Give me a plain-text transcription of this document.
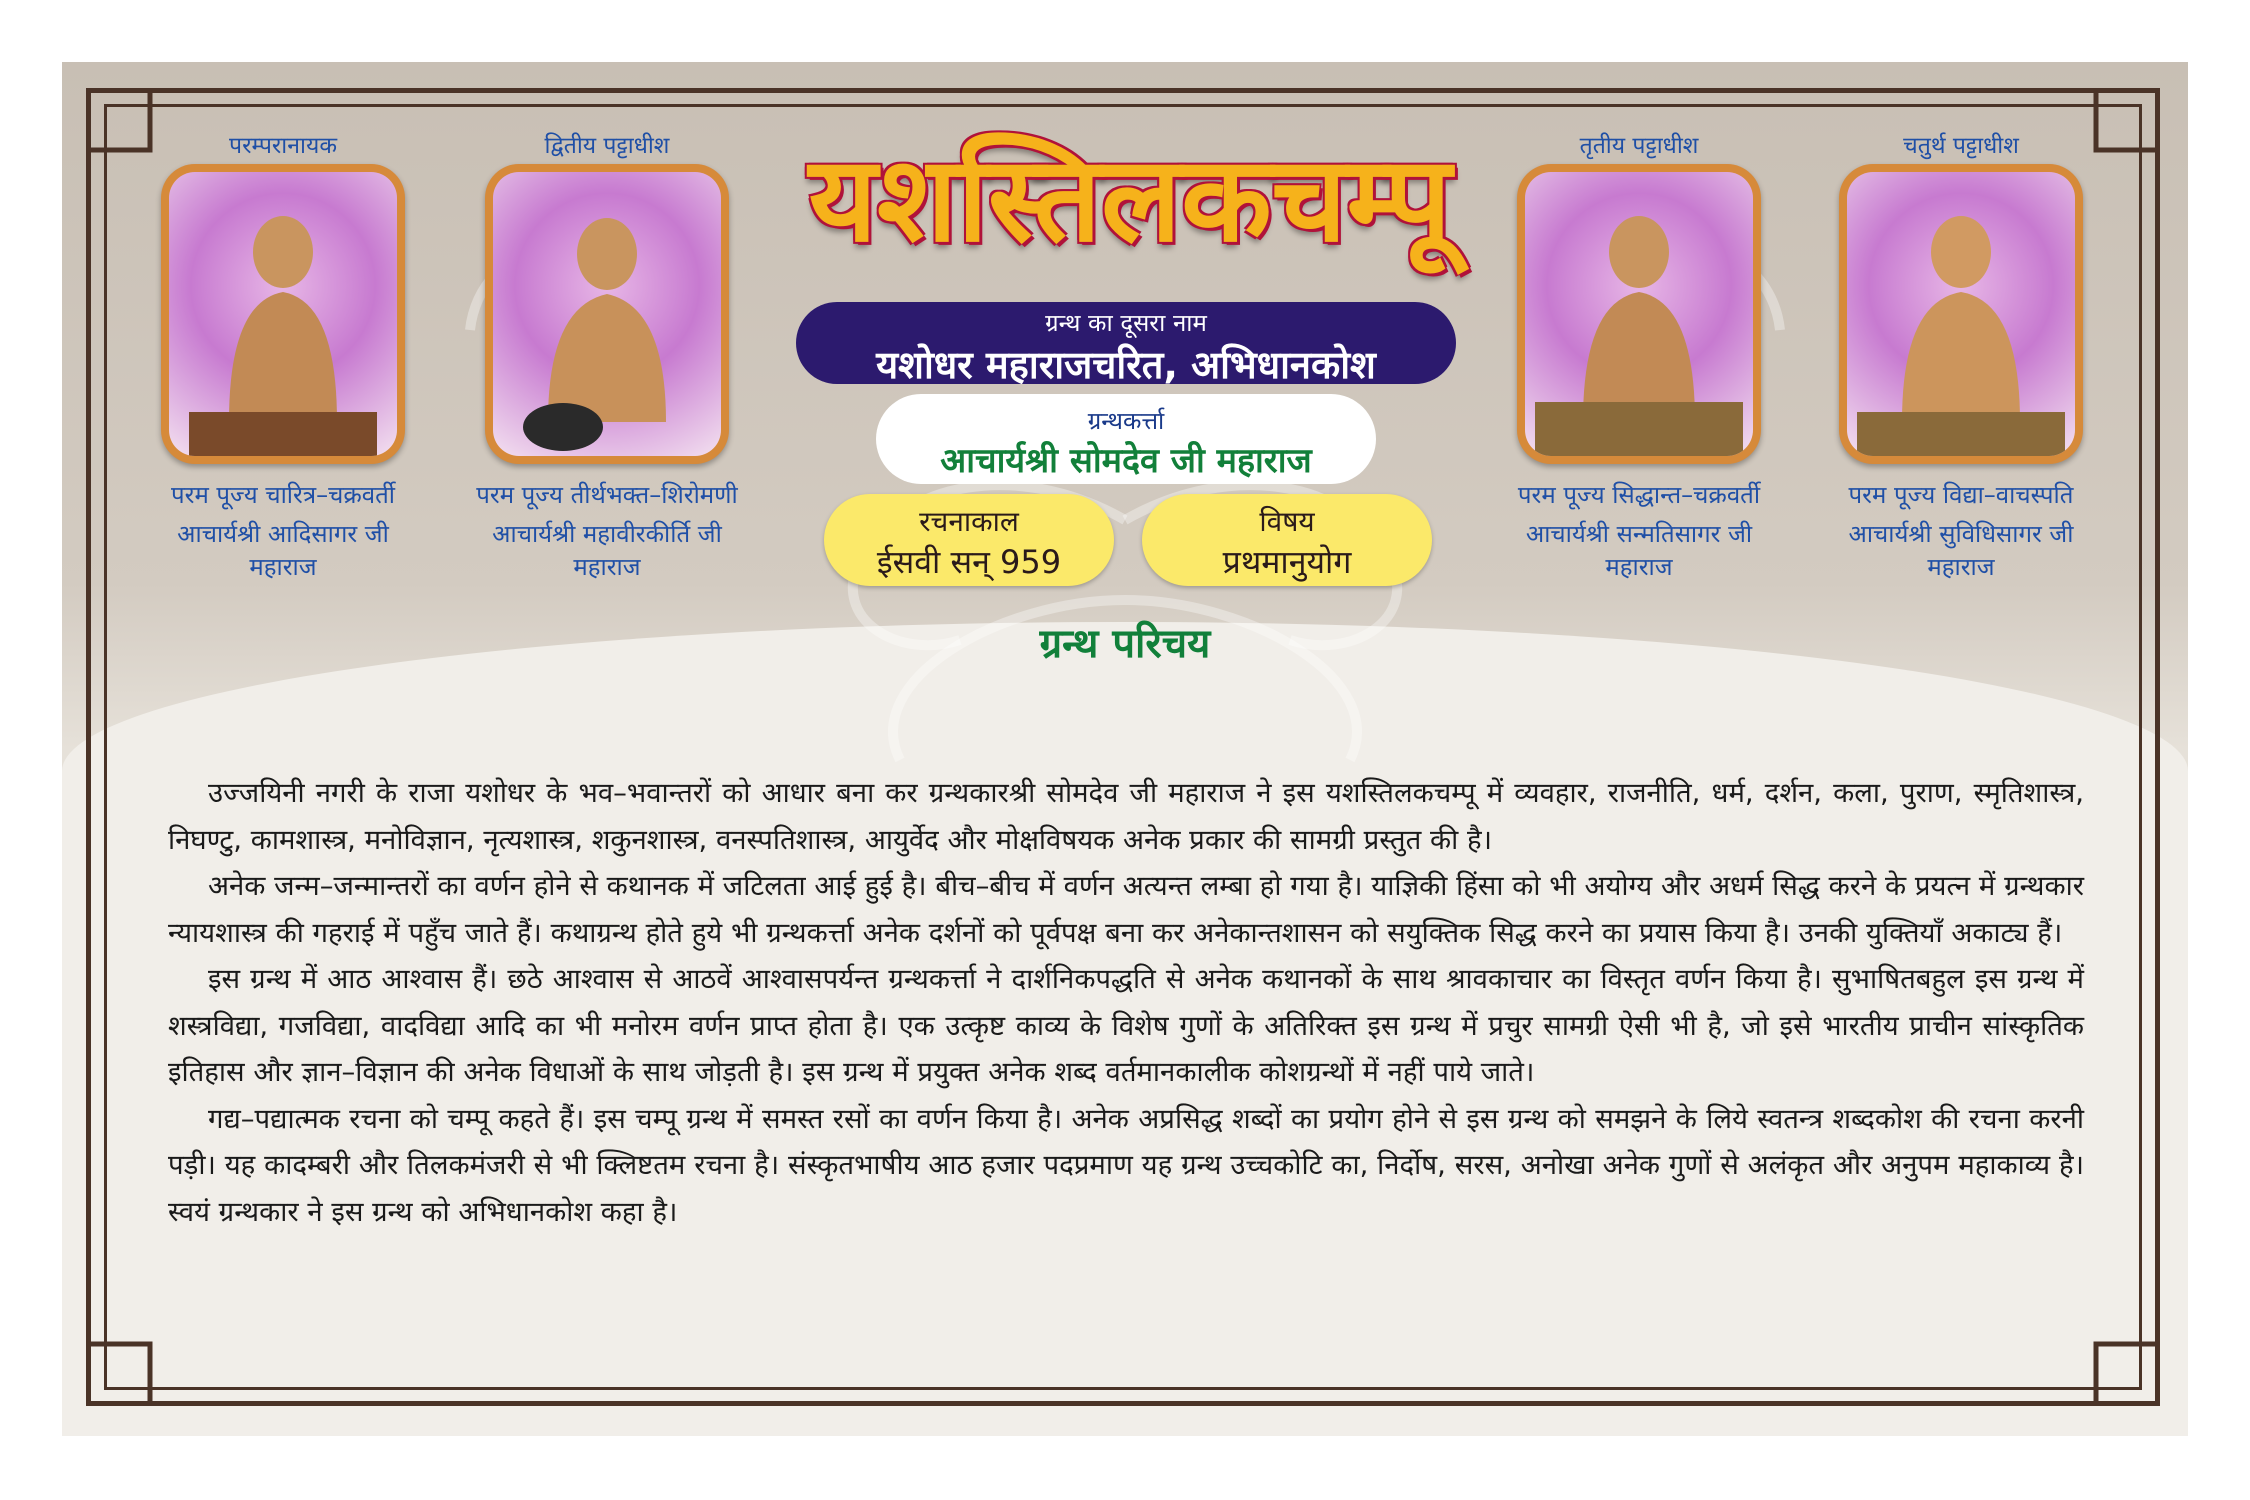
यशस्तिलकचम्पू
ग्रन्थ का दूसरा नाम
यशोधर महाराजचरित, अभिधानकोश
ग्रन्थकर्त्ता
आचार्यश्री सोमदेव जी महाराज
रचनाकाल
ईसवी सन् 959
विषय
प्रथमानुयोग
परम्परानायक
परम पूज्य चारित्र–चक्रवर्ती
आचार्यश्री आदिसागर जी महाराज
द्वितीय पट्टाधीश
परम पूज्य तीर्थभक्त–शिरोमणी
आचार्यश्री महावीरकीर्ति जी महाराज
तृतीय पट्टाधीश
परम पूज्य सिद्धान्त–चक्रवर्ती
आचार्यश्री सन्मतिसागर जी महाराज
चतुर्थ पट्टाधीश
परम पूज्य विद्या–वाचस्पति
आचार्यश्री सुविधिसागर जी महाराज
ग्रन्थ परिचय

उज्जयिनी नगरी के राजा यशोधर के भव–भवान्तरों को आधार बना कर ग्रन्थकारश्री सोमदेव जी महाराज ने इस यशस्तिलकचम्पू में व्यवहार, राजनीति, धर्म, दर्शन, कला, पुराण, स्मृतिशास्त्र, निघण्टु, कामशास्त्र, मनोविज्ञान, नृत्यशास्त्र, शकुनशास्त्र, वनस्पतिशास्त्र, आयुर्वेद और मोक्षविषयक अनेक प्रकार की सामग्री प्रस्तुत की है।

अनेक जन्म–जन्मान्तरों का वर्णन होने से कथानक में जटिलता आई हुई है। बीच–बीच में वर्णन अत्यन्त लम्बा हो गया है। याज्ञिकी हिंसा को भी अयोग्य और अधर्म सिद्ध करने के प्रयत्न में ग्रन्थकार न्यायशास्त्र की गहराई में पहुँच जाते हैं। कथाग्रन्थ होते हुये भी ग्रन्थकर्त्ता अनेक दर्शनों को पूर्वपक्ष बना कर अनेकान्तशासन को सयुक्तिक सिद्ध करने का प्रयास किया है। उनकी युक्तियाँ अकाट्य हैं।

इस ग्रन्थ में आठ आश्वास हैं। छठे आश्वास से आठवें आश्वासपर्यन्त ग्रन्थकर्त्ता ने दार्शनिकपद्धति से अनेक कथानकों के साथ श्रावकाचार का विस्तृत वर्णन किया है। सुभाषितबहुल इस ग्रन्थ में शस्त्रविद्या, गजविद्या, वादविद्या आदि का भी मनोरम वर्णन प्राप्त होता है। एक उत्कृष्ट काव्य के विशेष गुणों के अतिरिक्त इस ग्रन्थ में प्रचुर सामग्री ऐसी भी है, जो इसे भारतीय प्राचीन सांस्कृतिक इतिहास और ज्ञान–विज्ञान की अनेक विधाओं के साथ जोड़ती है। इस ग्रन्थ में प्रयुक्त अनेक शब्द वर्तमानकालीक कोशग्रन्थों में नहीं पाये जाते।

गद्य–पद्यात्मक रचना को चम्पू कहते हैं। इस चम्पू ग्रन्थ में समस्त रसों का वर्णन किया है। अनेक अप्रसिद्ध शब्दों का प्रयोग होने से इस ग्रन्थ को समझने के लिये स्वतन्त्र शब्दकोश की रचना करनी पड़ी। यह कादम्बरी और तिलकमंजरी से भी क्लिष्टतम रचना है। संस्कृतभाषीय आठ हजार पदप्रमाण यह ग्रन्थ उच्चकोटि का, निर्दोष, सरस, अनोखा अनेक गुणों से अलंकृत और अनुपम महाकाव्य है। स्वयं ग्रन्थकार ने इस ग्रन्थ को अभिधानकोश कहा है।
